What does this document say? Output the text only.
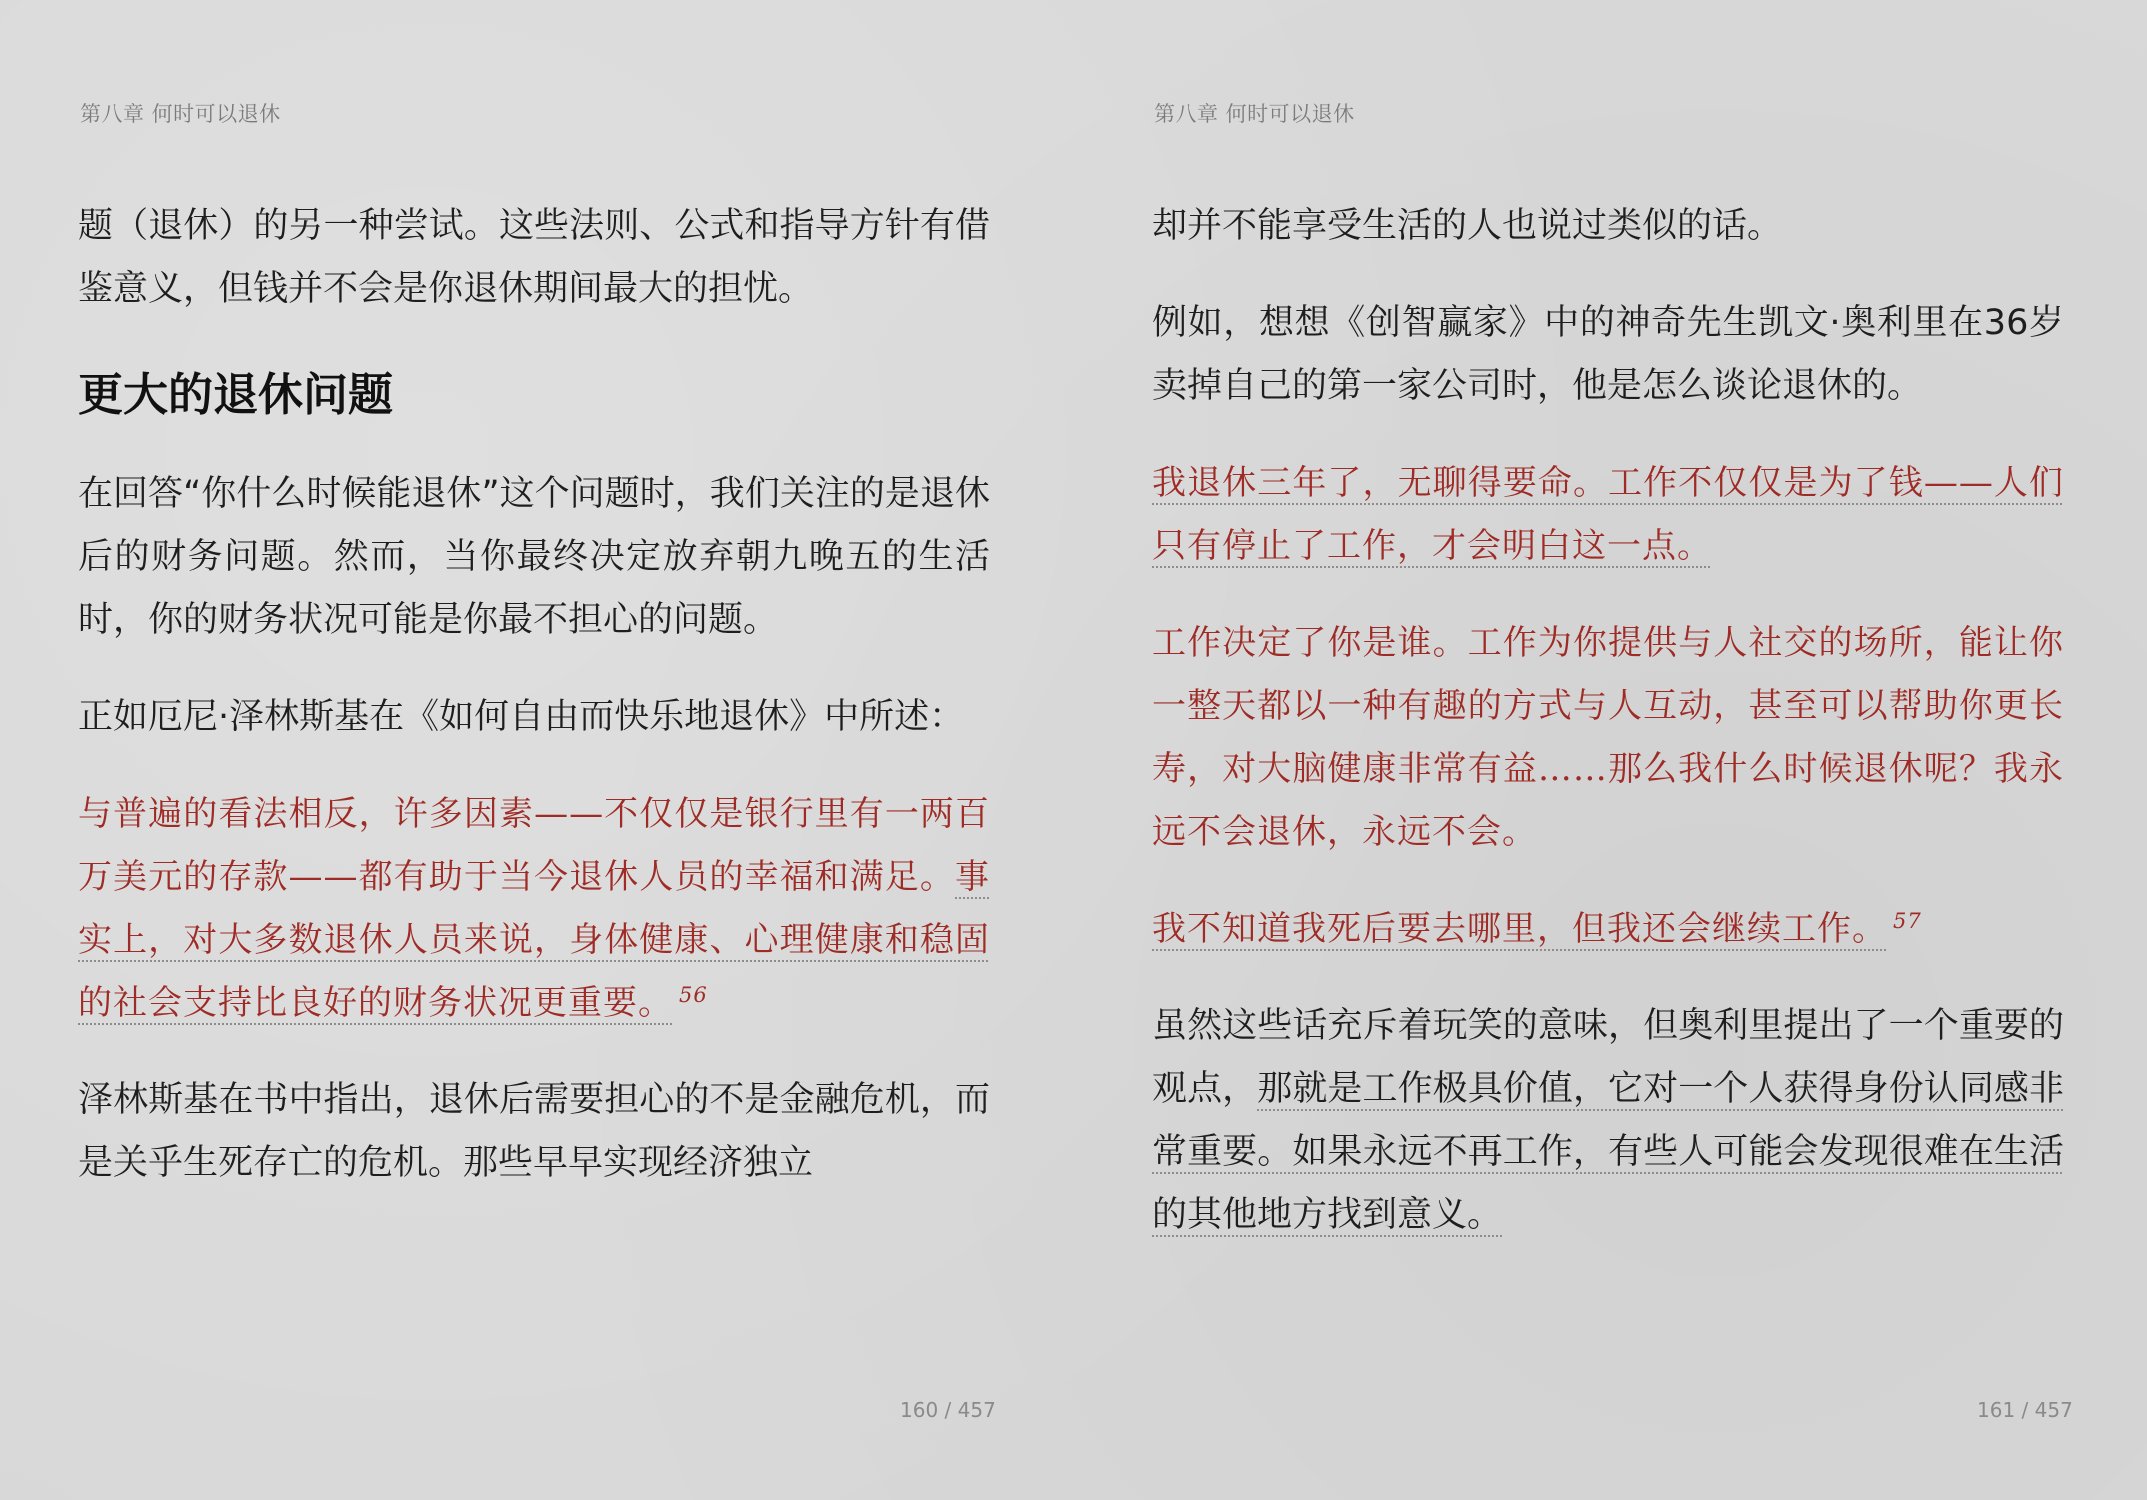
第八章 何时可以退休

题（退休）的另一种尝试。这些法则、公式和指导方针有借鉴意义，但钱并不会是你退休期间最大的担忧。

更大的退休问题

在回答“你什么时候能退休”这个问题时，我们关注的是退休后的财务问题。然而，当你最终决定放弃朝九晚五的生活时，你的财务状况可能是你最不担心的问题。

正如厄尼·泽林斯基在《如何自由而快乐地退休》中所述：

与普遍的看法相反，许多因素——不仅仅是银行里有一两百万美元的存款——都有助于当今退休人员的幸福和满足。事实上，对大多数退休人员来说，身体健康、心理健康和稳固的社会支持比良好的财务状况更重要。 $^{56}$

泽林斯基在书中指出，退休后需要担心的不是金融危机，而是关乎生死存亡的危机。那些早早实现经济独立

160 / 457
第八章 何时可以退休

却并不能享受生活的人也说过类似的话。

例如，想想《创智赢家》中的神奇先生凯文·奥利里在36岁卖掉自己的第一家公司时，他是怎么谈论退休的。

我退休三年了，无聊得要命。工作不仅仅是为了钱——人们只有停止了工作，才会明白这一点。

工作决定了你是谁。工作为你提供与人社交的场所，能让你一整天都以一种有趣的方式与人互动，甚至可以帮助你更长寿，对大脑健康非常有益……那么我什么时候退休呢？我永远不会退休，永远不会。

我不知道我死后要去哪里，但我还会继续工作。 $^{57}$

虽然这些话充斥着玩笑的意味，但奥利里提出了一个重要的观点，那就是工作极具价值，它对一个人获得身份认同感非常重要。如果永远不再工作，有些人可能会发现很难在生活的其他地方找到意义。

161 / 457
